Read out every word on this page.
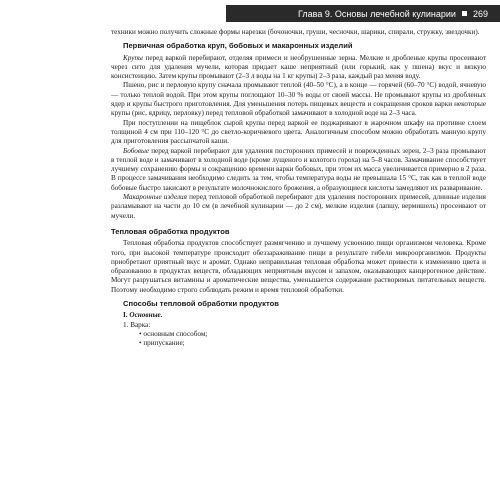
Глава 9. Основы лечебной кулинарии 269

техники можно получить сложные формы нарезки (бочоночки, груши, чесночки, шарики, спирали, стружку, звездочки).

Первичная обработка круп, бобовых и макаронных изделий

Крупы перед варкой перебирают, отделяя примеси и необрушенные зерна. Мелкие и дробленые крупы просеивают через сито для удаления мучели, которая придает каше неприятный (или горький, как у пшена) вкус и вязкую консистенцию. Затем крупы промывают (2–3 л воды на 1 кг крупы) 2–3 раза, каждый раз меняя воду.

Пшено, рис и перловую крупу сначала промывают теплой (40–50 °С), а в конце — горячей (60–70 °С) водой, ячневую — только теплой водой. При этом крупы поглощают 10–30 % воды от своей массы. Не промывают крупы из дробленых ядер и крупы быстрого приготовления. Для уменьшения потерь пищевых веществ и сокращения сроков варки некоторые крупы (рис, ядрицу, перловку) перед тепловой обработкой замачивают в холодной воде на 2–3 часа.

При поступлении на пищеблок сырой крупы перед варкой ее поджаривают в жарочном шкафу на противне слоем толщиной 4 см при 110–120 °С до светло-коричневого цвета. Аналогичным способом можно обработать манную крупу для приготовления рассыпчатой каши.

Бобовые перед варкой перебирают для удаления посторонних примесей и поврежденных зерен, 2–3 раза промывают в теплой воде и замачивают в холодной воде (кроме лущеного и колотого гороха) на 5–8 часов. Замачивание способствует лучшему сохранению формы и сокращению времени варки бобовых, при этом их масса увеличивается примерно в 2 раза. В процессе замачивания необходимо следить за тем, чтобы температура воды не превышала 15 °С, так как в теплой воде бобовые быстро закисают в результате молочнокислого брожения, а образующиеся кислоты замедляют их разваривание.

Макаронные изделия перед тепловой обработкой перебирают для удаления посторонних примесей, длинные изделия разламывают на части до 10 см (в лечебной кулинарии — до 2 см), мелкие изделия (лапшу, вермишель) просеивают от мучели.

Тепловая обработка продуктов

Тепловая обработка продуктов способствует размягчению и лучшему усвоению пищи организмом человека. Кроме того, при высокой температуре происходит обеззараживание пищи в результате гибели микроорганизмов. Продукты приобретают приятный вкус и аромат. Однако неправильная тепловая обработка может привести к изменению цвета и образованию в продуктах веществ, обладающих неприятным вкусом и запахом, оказывающих канцерогенное действие. Могут разрушаться витамины и ароматические вещества, уменьшается содержание растворимых питательных веществ. Поэтому необходимо строго соблюдать режим и время тепловой обработки.

Способы тепловой обработки продуктов

I. Основные.

1. Варка:

• основным способом;

• припускание;
